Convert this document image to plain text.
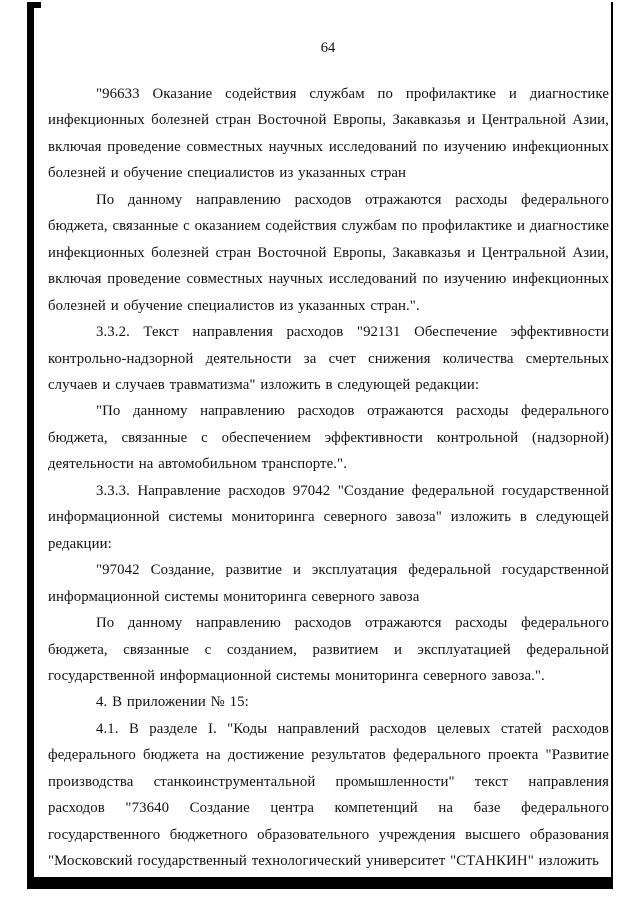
64

"96633 Оказание содействия службам по профилактике и диагностике инфекционных болезней стран Восточной Европы, Закавказья и Центральной Азии, включая проведение совместных научных исследований по изучению инфекционных болезней и обучение специалистов из указанных стран

По данному направлению расходов отражаются расходы федерального бюджета, связанные с оказанием содействия службам по профилактике и диагностике инфекционных болезней стран Восточной Европы, Закавказья и Центральной Азии, включая проведение совместных научных исследований по изучению инфекционных болезней и обучение специалистов из указанных стран.".

3.3.2. Текст направления расходов "92131 Обеспечение эффективности контрольно-надзорной деятельности за счет снижения количества смертельных случаев и случаев травматизма" изложить в следующей редакции:

"По данному направлению расходов отражаются расходы федерального бюджета, связанные с обеспечением эффективности контрольной (надзорной) деятельности на автомобильном транспорте.".

3.3.3. Направление расходов 97042 "Создание федеральной государственной информационной системы мониторинга северного завоза" изложить в следующей редакции:

"97042 Создание, развитие и эксплуатация федеральной государственной информационной системы мониторинга северного завоза

По данному направлению расходов отражаются расходы федерального бюджета, связанные с созданием, развитием и эксплуатацией федеральной государственной информационной системы мониторинга северного завоза.".

4. В приложении № 15:

4.1. В разделе I. "Коды направлений расходов целевых статей расходов федерального бюджета на достижение результатов федерального проекта "Развитие производства станкоинструментальной промышленности" текст направления расходов "73640 Создание центра компетенций на базе федерального государственного бюджетного образовательного учреждения высшего образования "Московский государственный технологический университет "СТАНКИН" изложить
